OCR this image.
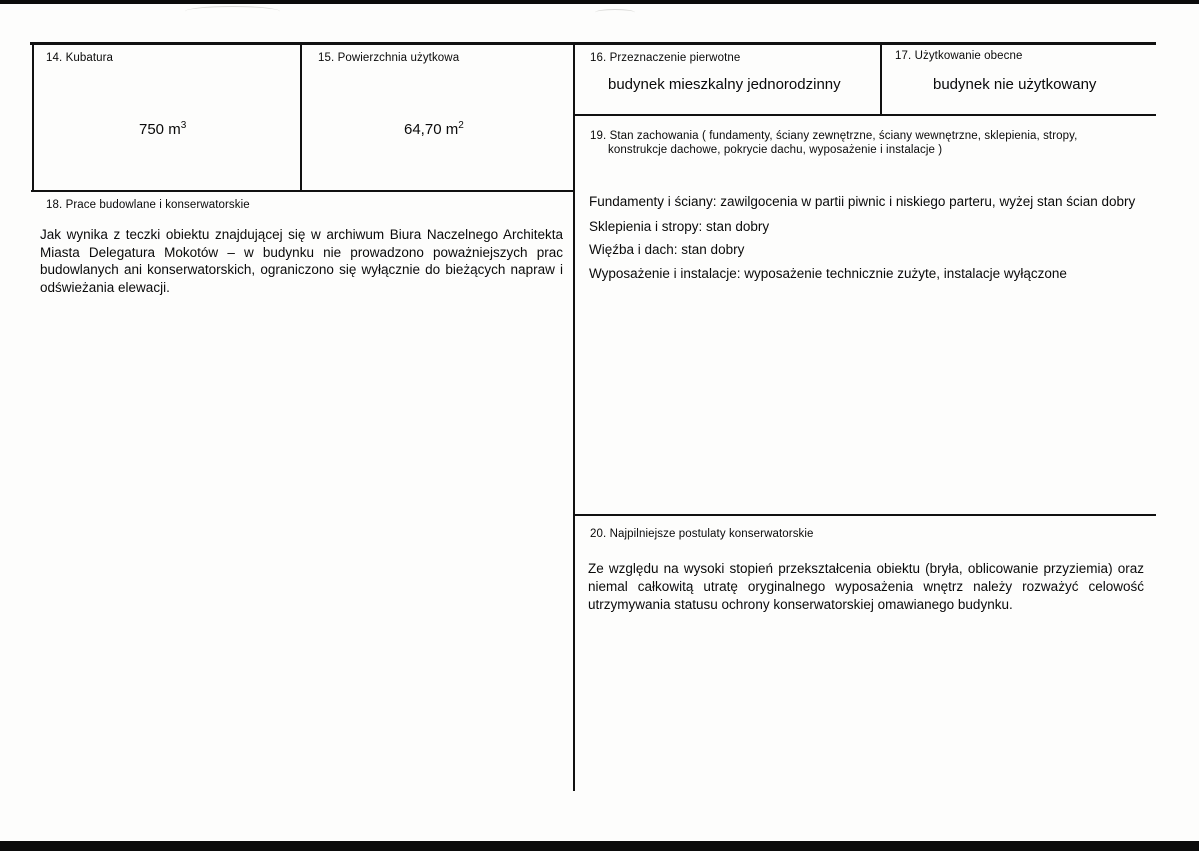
14. Kubatura
750 $m^3$
15. Powierzchnia użytkowa
64,70 $m^2$
16. Przeznaczenie pierwotne
budynek mieszkalny jednorodzinny
17. Użytkowanie obecne
budynek nie użytkowany
19. Stan zachowania ( fundamenty, ściany zewnętrzne, ściany wewnętrzne, sklepienia, stropy,
konstrukcje dachowe, pokrycie dachu, wyposażenie i instalacje )
Fundamenty i ściany: zawilgocenia w partii piwnic i niskiego parteru, wyżej stan ścian dobry
Sklepienia i stropy: stan dobry
Więźba i dach: stan dobry
Wyposażenie i instalacje: wyposażenie technicznie zużyte, instalacje wyłączone
18. Prace budowlane i konserwatorskie
Jak wynika z teczki obiektu znajdującej się w archiwum Biura Naczelnego Architekta Miasta Delegatura Mokotów – w budynku nie prowadzono poważniejszych prac budowlanych ani konserwatorskich, ograniczono się wyłącznie do bieżących napraw i odświeżania elewacji.
20. Najpilniejsze postulaty konserwatorskie
Ze względu na wysoki stopień przekształcenia obiektu (bryła, oblicowanie przyziemia) oraz niemal całkowitą utratę oryginalnego wyposażenia wnętrz należy rozważyć celowość utrzymywania statusu ochrony konserwatorskiej omawianego budynku.
